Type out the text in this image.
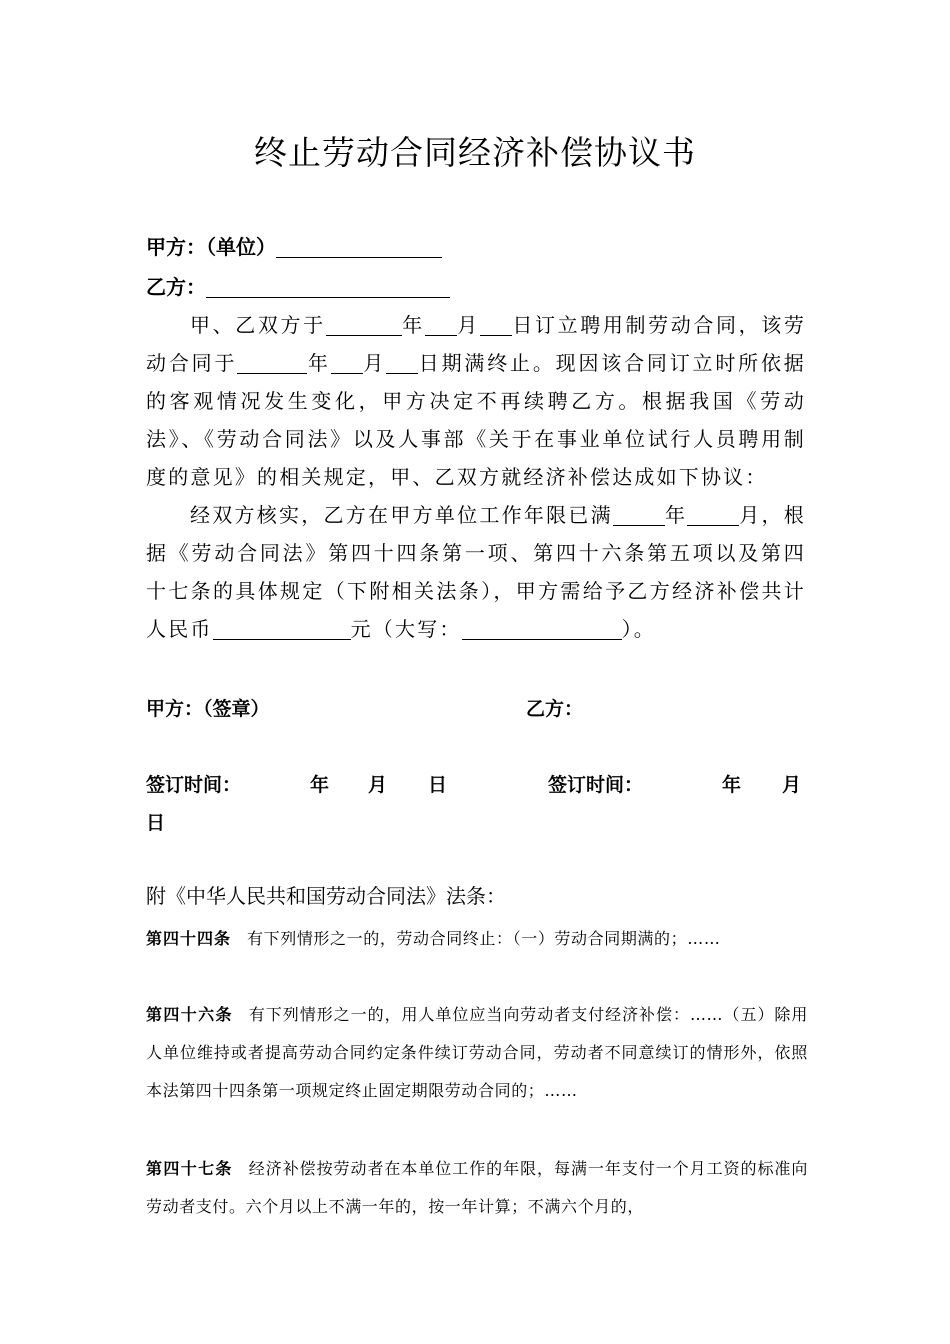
终止劳动合同经济补偿协议书
甲方：（单位）
乙方：

甲、乙双方于	年 月 日订立聘用制劳动合同，该劳动合同于	年 月 日期满终止。现因该合同订立时所依据的客观情况发生变化，甲方决定不再续聘乙方。根据我国《劳动法》、《劳动合同法》以及人事部《关于在事业单位试行人员聘用制度的意见》的相关规定，甲、乙双方就经济补偿达成如下协议：

经双方核实，乙方在甲方单位工作年限已满	年	月，根据《劳动合同法》第四十四条第一项、第四十六条第五项以及第四十七条的具体规定（下附相关法条），甲方需给予乙方经济补偿共计人民币	元（大写：	）。

甲方：（签章）	乙方：
签订时间：	年 月 日	签订时间：	年 月
日
附《中华人民共和国劳动合同法》法条：
第四十四条 有下列情形之一的，劳动合同终止：（一）劳动合同期满的；……
第四十六条 有下列情形之一的，用人单位应当向劳动者支付经济补偿：……（五）除用人单位维持或者提高劳动合同约定条件续订劳动合同，劳动者不同意续订的情形外，依照本法第四十四条第一项规定终止固定期限劳动合同的；……
第四十七条 经济补偿按劳动者在本单位工作的年限，每满一年支付一个月工资的标准向劳动者支付。六个月以上不满一年的，按一年计算；不满六个月的，
